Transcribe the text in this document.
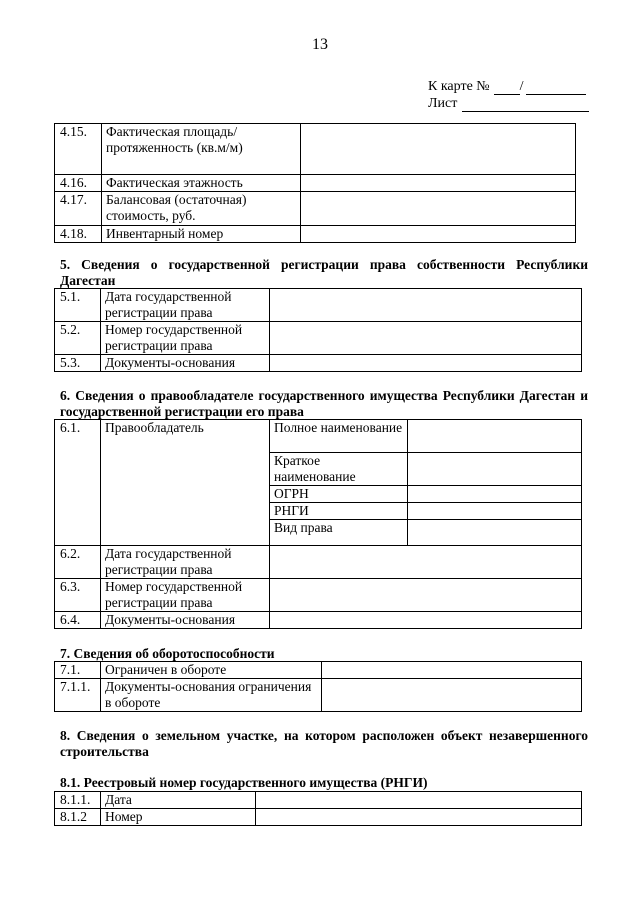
13
К карте № /
Лист
4.15.	Фактическая площадь/протяженность (кв.м/м)	
4.16.	Фактическая этажность	
4.17.	Балансовая (остаточная) стоимость, руб.	
4.18.	Инвентарный номер	
5. Сведения о государственной регистрации права собственности Республики Дагестан
5.1.	Дата государственной регистрации права	
5.2.	Номер государственной регистрации права	
5.3.	Документы-основания	
6. Сведения о правообладателе государственного имущества Республики Дагестан и государственной регистрации его права
6.1.	Правообладатель	Полное наименование	
		Краткое наименование	
		ОГРН	
		РНГИ	
		Вид права	
6.2.	Дата государственной регистрации права		
6.3.	Номер государственной регистрации права		
6.4.	Документы-основания		
7. Сведения об оборотоспособности
7.1.	Ограничен в обороте	
7.1.1.	Документы-основания ограничения в обороте	
8. Сведения о земельном участке, на котором расположен объект незавершенного строительства
8.1. Реестровый номер государственного имущества (РНГИ)
8.1.1.	Дата	
8.1.2	Номер	
